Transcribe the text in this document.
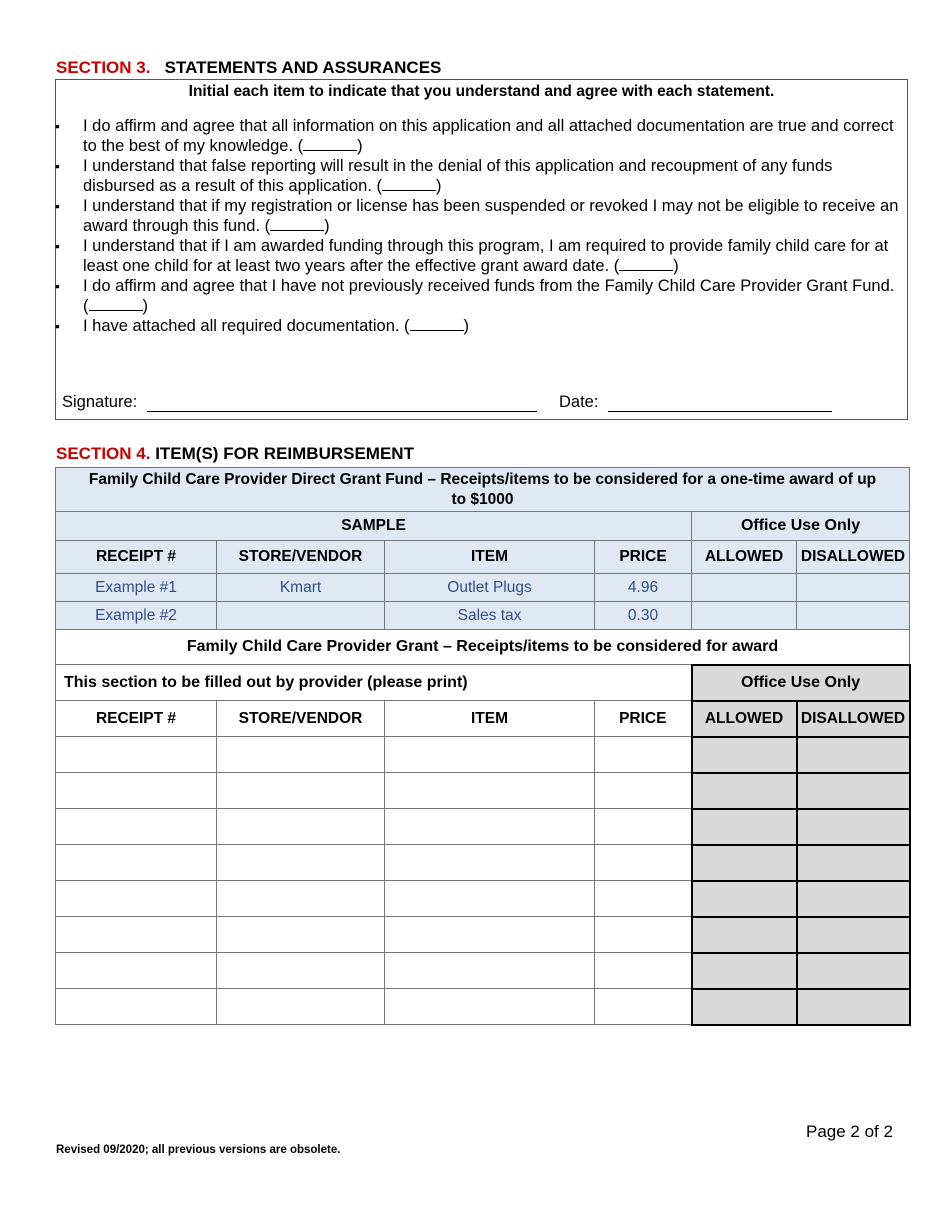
SECTION 3. STATEMENTS AND ASSURANCES
Initial each item to indicate that you understand and agree with each statement.
• I do affirm and agree that all information on this application and all attached documentation are true and correct to the best of my knowledge. (	)
• I understand that false reporting will result in the denial of this application and recoupment of any funds disbursed as a result of this application. (	)
• I understand that if my registration or license has been suspended or revoked I may not be eligible to receive an award through this fund. (	)
• I understand that if I am awarded funding through this program, I am required to provide family child care for at least one child for at least two years after the effective grant award date. (	)
• I do affirm and agree that I have not previously received funds from the Family Child Care Provider Grant Fund. (	)
• I have attached all required documentation. (	)
Signature:	Date:
SECTION 4. ITEM(S) FOR REIMBURSEMENT
Family Child Care Provider Direct Grant Fund – Receipts/items to be considered for a one-time award of up to $1000					
SAMPLE				Office Use Only	
RECEIPT #	STORE/VENDOR	ITEM	PRICE	ALLOWED	DISALLOWED
Example #1	Kmart	Outlet Plugs	4.96		
Example #2		Sales tax	0.30		
Family Child Care Provider Grant – Receipts/items to be considered for award					
This section to be filled out by provider (please print)				Office Use Only	
RECEIPT #	STORE/VENDOR	ITEM	PRICE	ALLOWED	DISALLOWED

Page 2 of 2
Revised 09/2020; all previous versions are obsolete.
